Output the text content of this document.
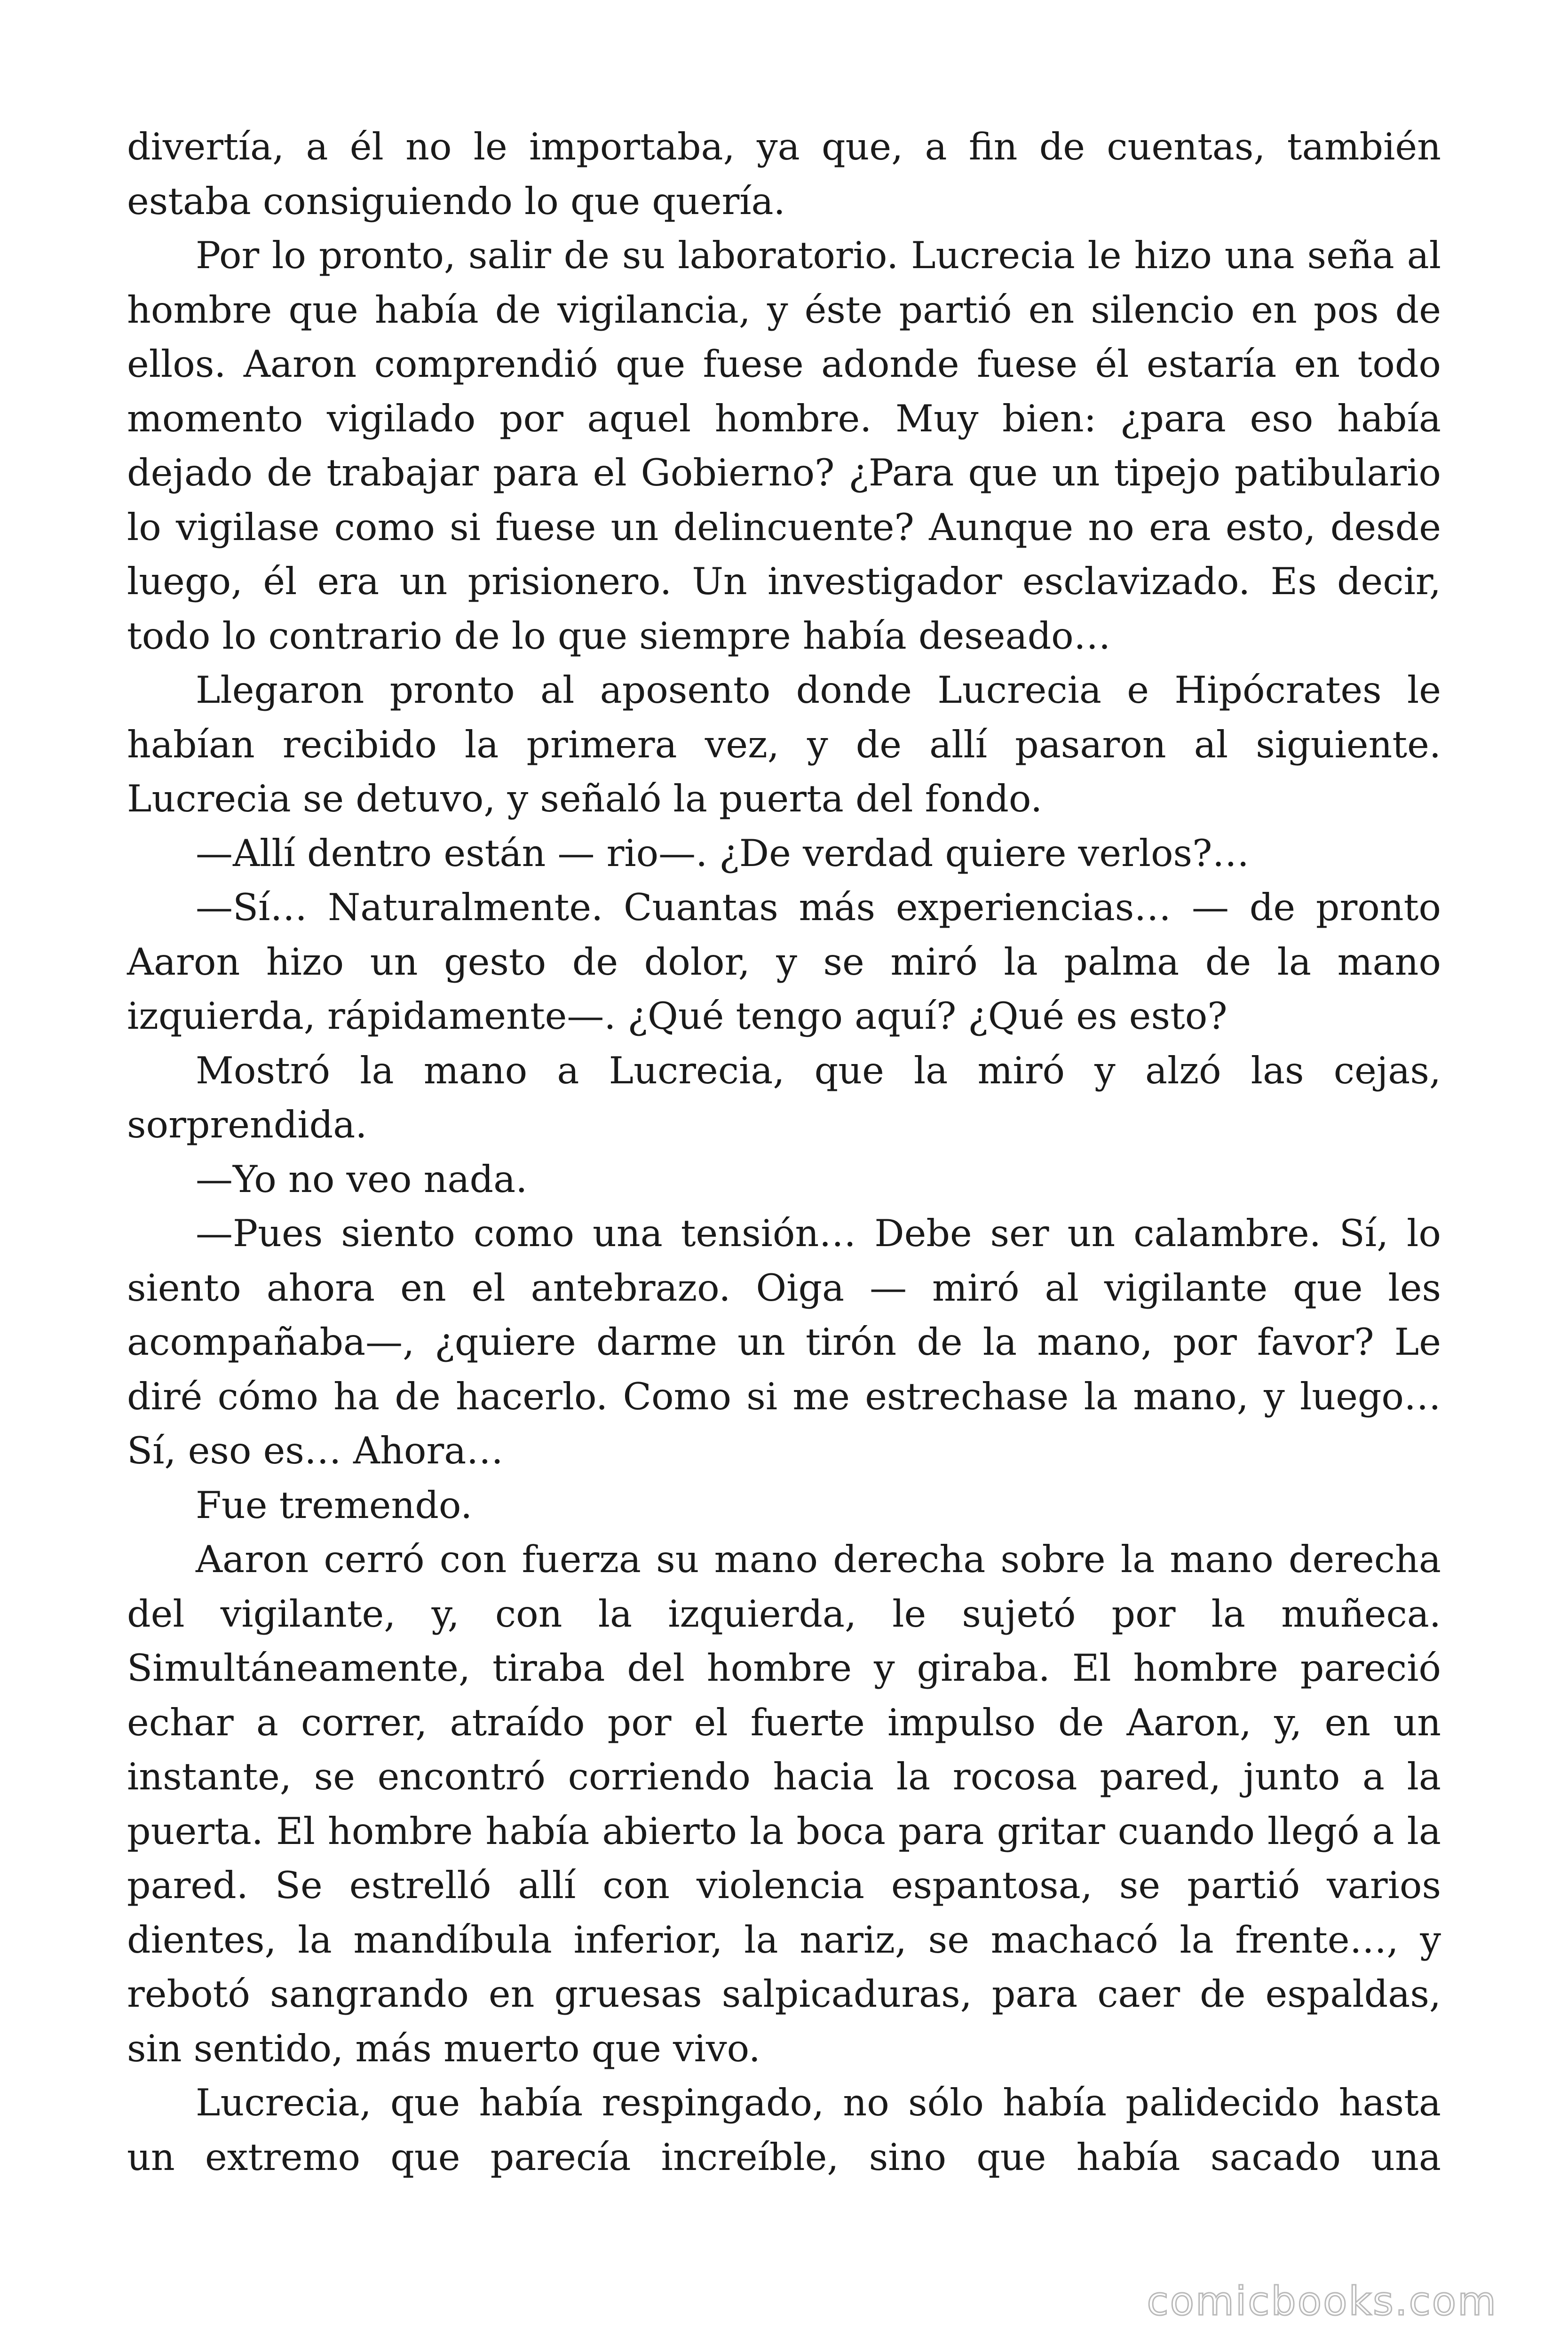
divertía, a él no le importaba, ya que, a fin de cuentas, también estaba consiguiendo lo que quería.

Por lo pronto, salir de su laboratorio. Lucrecia le hizo una seña al hombre que había de vigilancia, y éste partió en silencio en pos de ellos. Aaron comprendió que fuese adonde fuese él estaría en todo momento vigilado por aquel hombre. Muy bien: ¿para eso había dejado de trabajar para el Gobierno? ¿Para que un tipejo patibulario lo vigilase como si fuese un delincuente? Aunque no era esto, desde luego, él era un prisionero. Un investigador esclavizado. Es decir, todo lo contrario de lo que siempre había deseado…

Llegaron pronto al aposento donde Lucrecia e Hipócrates le habían recibido la primera vez, y de allí pasaron al siguiente. Lucrecia se detuvo, y señaló la puerta del fondo.

—Allí dentro están — rio—. ¿De verdad quiere verlos?…

—Sí… Naturalmente. Cuantas más experiencias… — de pronto Aaron hizo un gesto de dolor, y se miró la palma de la mano izquierda, rápidamente—. ¿Qué tengo aquí? ¿Qué es esto?

Mostró la mano a Lucrecia, que la miró y alzó las cejas, sorprendida.

—Yo no veo nada.

—Pues siento como una tensión… Debe ser un calambre. Sí, lo siento ahora en el antebrazo. Oiga — miró al vigilante que les acompañaba—, ¿quiere darme un tirón de la mano, por favor? Le diré cómo ha de hacerlo. Como si me estrechase la mano, y luego… Sí, eso es… Ahora…

Fue tremendo.

Aaron cerró con fuerza su mano derecha sobre la mano derecha del vigilante, y, con la izquierda, le sujetó por la muñeca. Simultáneamente, tiraba del hombre y giraba. El hombre pareció echar a correr, atraído por el fuerte impulso de Aaron, y, en un instante, se encontró corriendo hacia la rocosa pared, junto a la puerta. El hombre había abierto la boca para gritar cuando llegó a la pared. Se estrelló allí con violencia espantosa, se partió varios dientes, la mandíbula inferior, la nariz, se machacó la frente…, y rebotó sangrando en gruesas salpicaduras, para caer de espaldas, sin sentido, más muerto que vivo.

Lucrecia, que había respingado, no sólo había palidecido hasta un extremo que parecía increíble, sino que había sacado una

comicbooks.com
